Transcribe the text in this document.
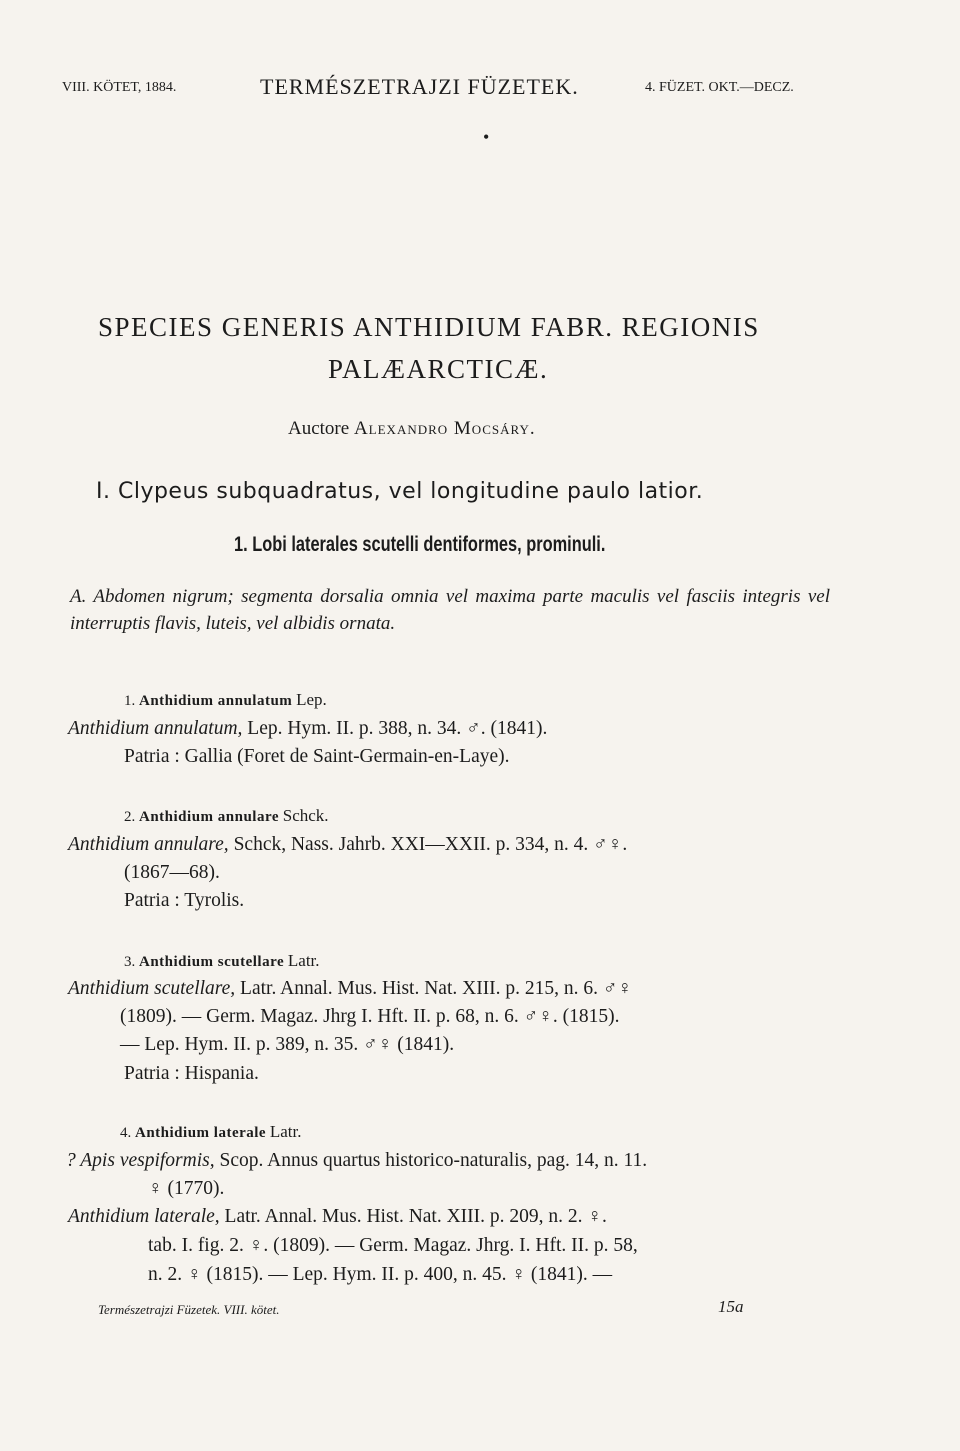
VIII. KÖTET, 1884.	TERMÉSZETRAJZI FÜZETEK.	4. FÜZET. OKT.—DECZ.
•
SPECIES GENERIS ANTHIDIUM FABR. REGIONIS
PALÆARCTICÆ.
Auctore Alexandro Mocsáry.
I. Clypeus subquadratus, vel longitudine paulo latior.
1. Lobi laterales scutelli dentiformes, prominuli.
A. Abdomen nigrum; segmenta dorsalia omnia vel maxima parte maculis vel fasciis integris vel interruptis flavis, luteis, vel albidis ornata.
1. Anthidium annulatum Lep.
Anthidium annulatum, Lep. Hym. II. p. 388, n. 34. ♂. (1841).
Patria : Gallia (Foret de Saint-Germain-en-Laye).
2. Anthidium annulare Schck.
Anthidium annulare, Schck, Nass. Jahrb. XXI—XXII. p. 334, n. 4. ♂♀.
(1867—68).
Patria : Tyrolis.
3. Anthidium scutellare Latr.
Anthidium scutellare, Latr. Annal. Mus. Hist. Nat. XIII. p. 215, n. 6. ♂♀
(1809). — Germ. Magaz. Jhrg I. Hft. II. p. 68, n. 6. ♂♀. (1815).
— Lep. Hym. II. p. 389, n. 35. ♂♀ (1841).
Patria : Hispania.
4. Anthidium laterale Latr.
? Apis vespiformis, Scop. Annus quartus historico-naturalis, pag. 14, n. 11.
♀ (1770).
Anthidium laterale, Latr. Annal. Mus. Hist. Nat. XIII. p. 209, n. 2. ♀.
tab. I. fig. 2. ♀. (1809). — Germ. Magaz. Jhrg. I. Hft. II. p. 58,
n. 2. ♀ (1815). — Lep. Hym. II. p. 400, n. 45. ♀ (1841). —
Természetrajzi Füzetek. VIII. kötet.	15a
